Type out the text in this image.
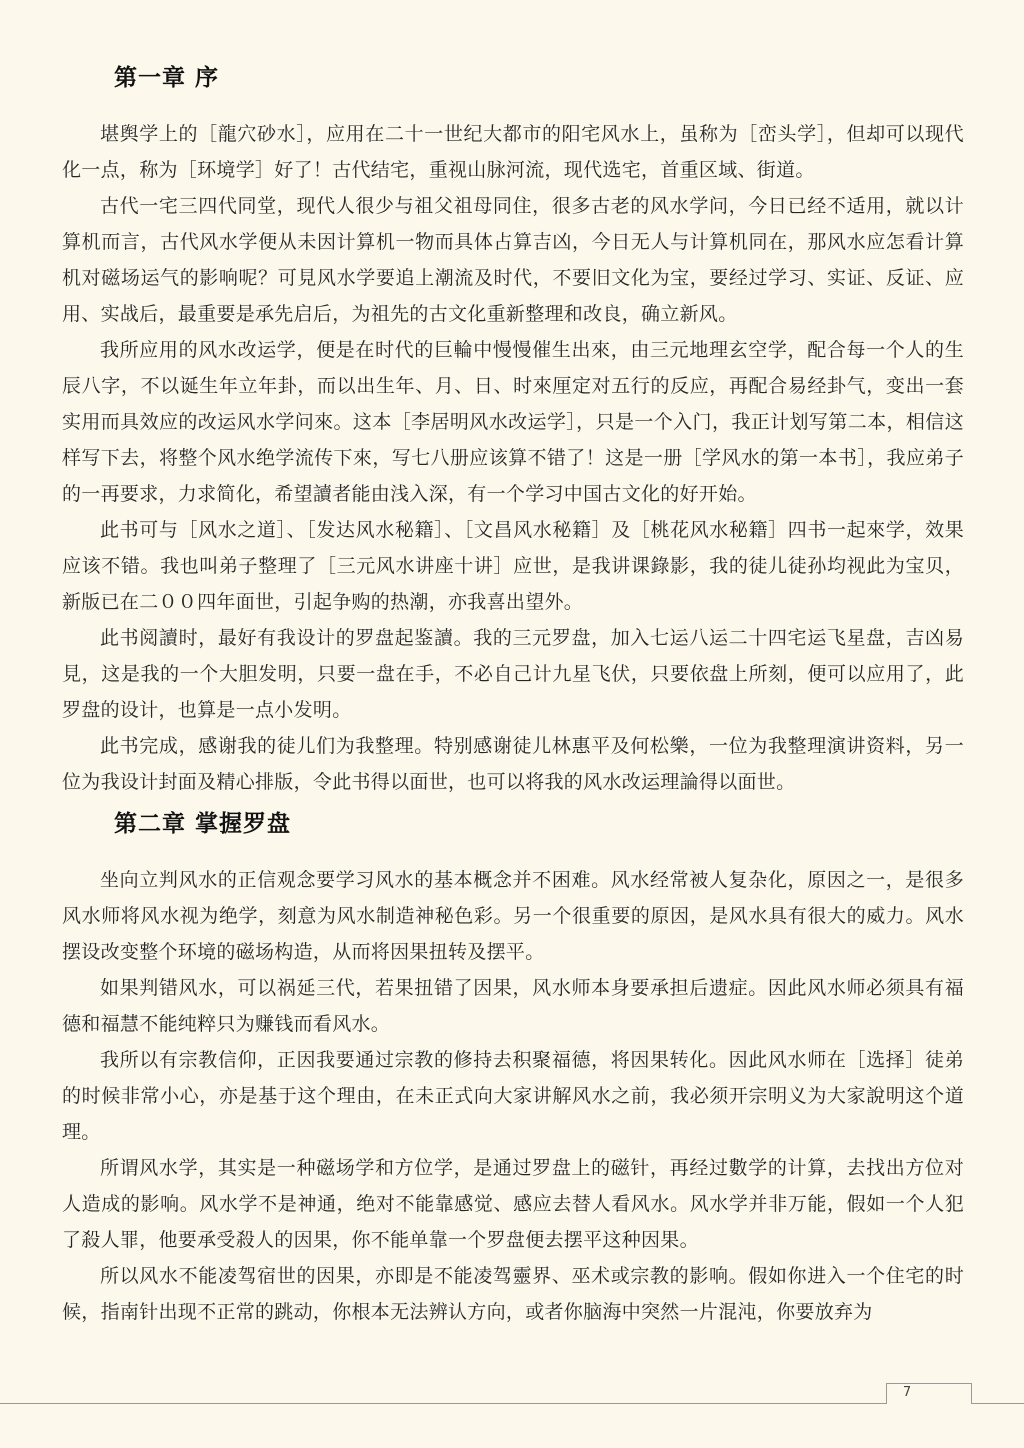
第一章 序

堪舆学上的［龍穴砂水］，应用在二十一世纪大都市的阳宅风水上，虽称为［峦头学］，但却可以现代化一点，称为［环境学］好了！古代结宅，重视山脉河流，现代选宅，首重区域、街道。

古代一宅三四代同堂，现代人很少与祖父祖母同住，很多古老的风水学问，今日已经不适用，就以计算机而言，古代风水学便从未因计算机一物而具体占算吉凶，今日无人与计算机同在，那风水应怎看计算机对磁场运气的影响呢？可見风水学要追上潮流及时代，不要旧文化为宝，要经过学习、实证、反证、应用、实战后，最重要是承先启后，为祖先的古文化重新整理和改良，确立新风。

我所应用的风水改运学，便是在时代的巨輪中慢慢催生出來，由三元地理玄空学，配合每一个人的生辰八字，不以诞生年立年卦，而以出生年、月、日、时來厘定对五行的反应，再配合易经卦气，变出一套实用而具效应的改运风水学问來。这本［李居明风水改运学］，只是一个入门，我正计划写第二本，相信这样写下去，将整个风水绝学流传下來，写七八册应该算不错了！这是一册［学风水的第一本书］，我应弟子的一再要求，力求简化，希望讀者能由浅入深，有一个学习中国古文化的好开始。

此书可与［风水之道］、［发达风水秘籍］、［文昌风水秘籍］及［桃花风水秘籍］四书一起來学，效果应该不错。我也叫弟子整理了［三元风水讲座十讲］应世，是我讲课錄影，我的徒儿徒孙均视此为宝贝，新版已在二００四年面世，引起争购的热潮，亦我喜出望外。

此书阅讀时，最好有我设计的罗盘起鉴讀。我的三元罗盘，加入七运八运二十四宅运飞星盘，吉凶易見，这是我的一个大胆发明，只要一盘在手，不必自己计九星飞伏，只要依盘上所刻，便可以应用了，此罗盘的设计，也算是一点小发明。

此书完成，感谢我的徒儿们为我整理。特别感谢徒儿林惠平及何松樂，一位为我整理演讲资料，另一位为我设计封面及精心排版，令此书得以面世，也可以将我的风水改运理論得以面世。

第二章 掌握罗盘

坐向立判风水的正信观念要学习风水的基本概念并不困难。风水经常被人复杂化，原因之一，是很多风水师将风水视为绝学，刻意为风水制造神秘色彩。另一个很重要的原因，是风水具有很大的威力。风水摆设改变整个环境的磁场构造，从而将因果扭转及摆平。

如果判错风水，可以祸延三代，若果扭错了因果，风水师本身要承担后遗症。因此风水师必须具有福德和福慧不能纯粹只为赚钱而看风水。

我所以有宗教信仰，正因我要通过宗教的修持去积聚福德，将因果转化。因此风水师在［选择］徒弟的时候非常小心，亦是基于这个理由，在未正式向大家讲解风水之前，我必须开宗明义为大家說明这个道理。

所谓风水学，其实是一种磁场学和方位学，是通过罗盘上的磁针，再经过數学的计算，去找出方位对人造成的影响。风水学不是神通，绝对不能靠感觉、感应去替人看风水。风水学并非万能，假如一个人犯了殺人罪，他要承受殺人的因果，你不能单靠一个罗盘便去摆平这种因果。

所以风水不能凌驾宿世的因果，亦即是不能凌驾靈界、巫术或宗教的影响。假如你进入一个住宅的时候，指南针出现不正常的跳动，你根本无法辨认方向，或者你脑海中突然一片混沌，你要放弃为

7
